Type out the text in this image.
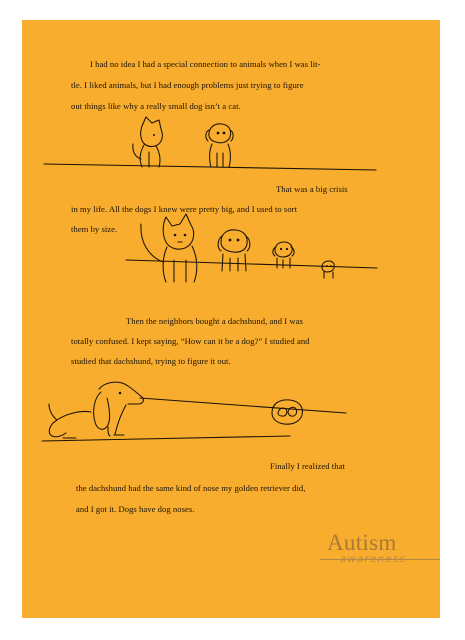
I had no idea I had a special connection to animals when I was lit-
tle. I liked animals, but I had enough problems just trying to figure
out things like why a really small dog isn’t a cat.
That was a big crisis
in my life. All the dogs I knew were pretty big, and I used to sort
them by size.
Then the neighbors bought a dachshund, and I was
totally confused. I kept saying, “How can it be a dog?” I studied and
studied that dachshund, trying to figure it out.
Finally I realized that
the dachshund had the same kind of nose my golden retriever did,
and I got it. Dogs have dog noses.
Autism
awareness
